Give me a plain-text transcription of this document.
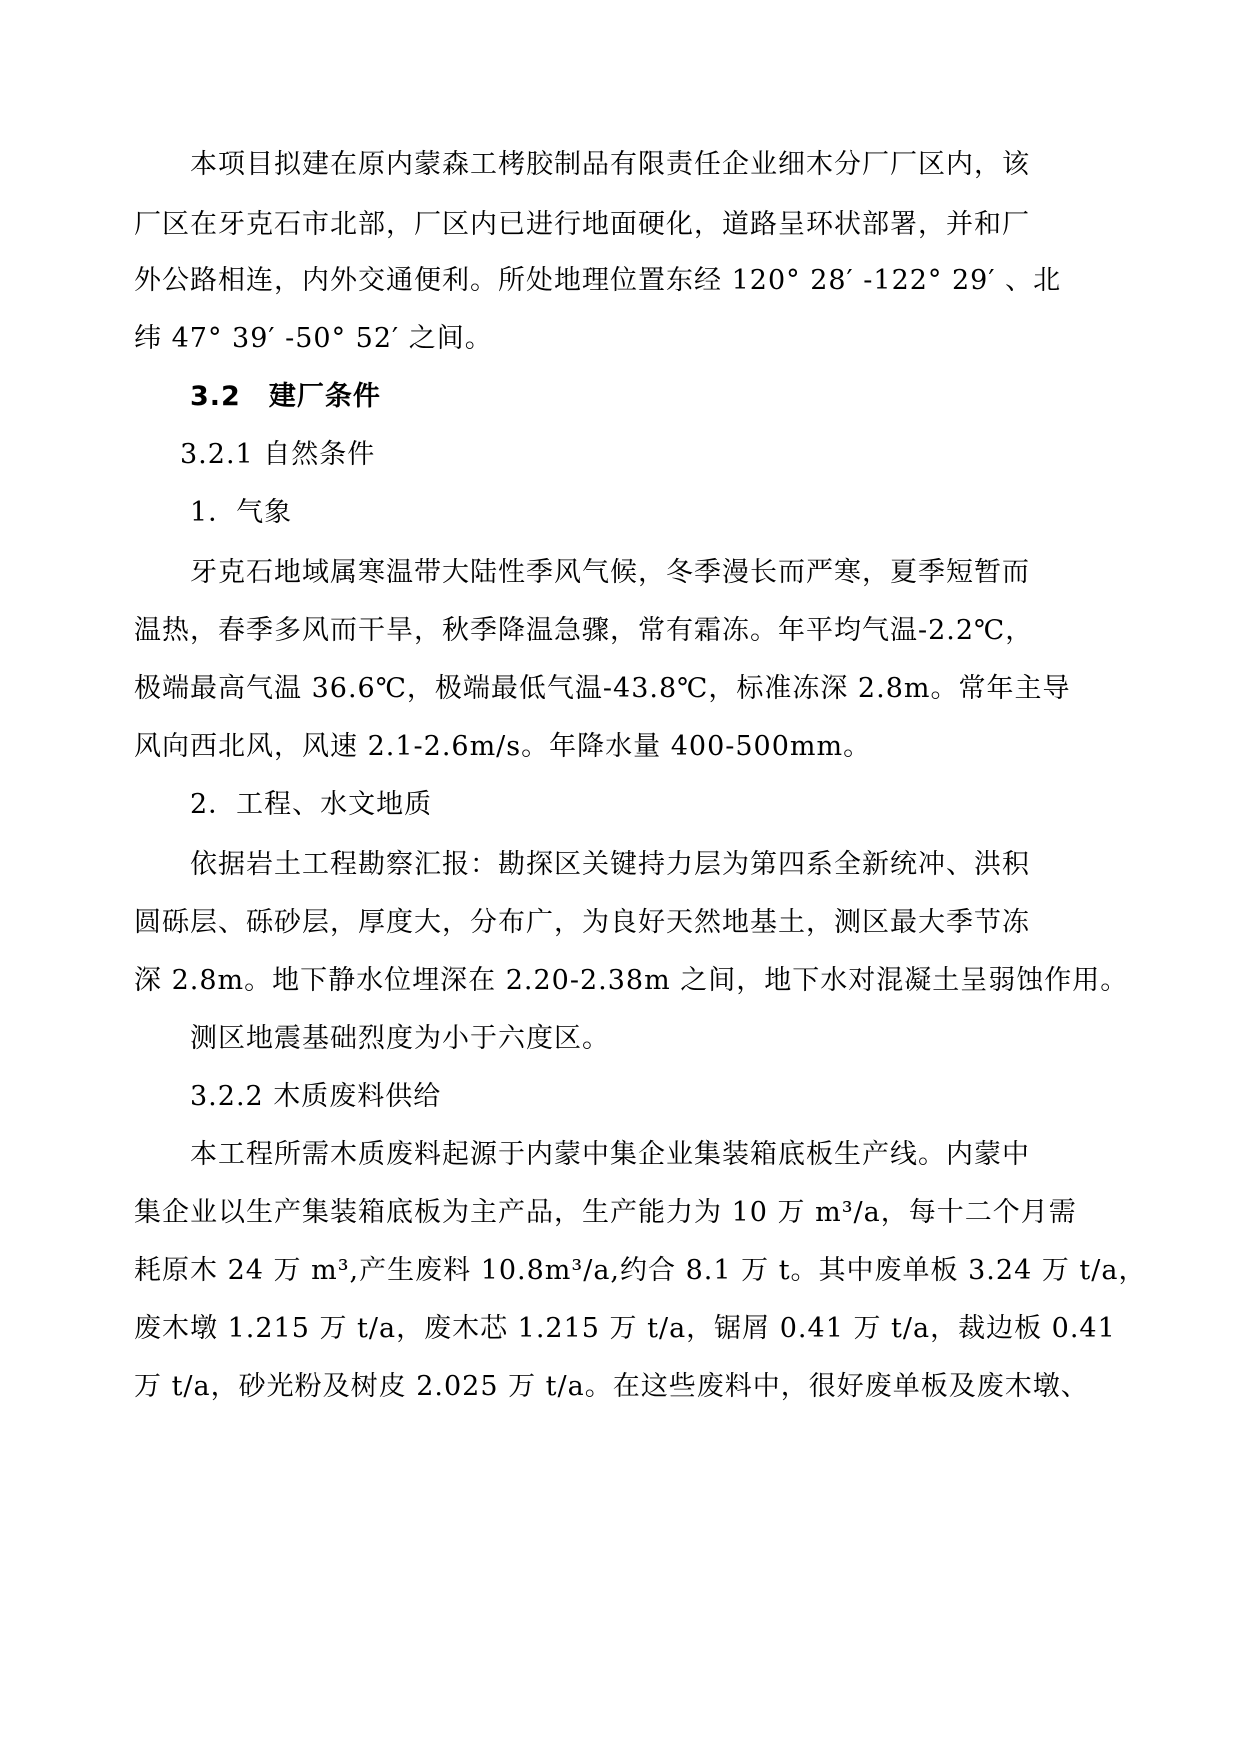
本项目拟建在原内蒙森工栲胶制品有限责任企业细木分厂厂区内，该
厂区在牙克石市北部，厂区内已进行地面硬化，道路呈环状部署，并和厂
外公路相连，内外交通便利。所处地理位置东经 120° 28′ -122° 29′ 、北
纬 47° 39′ -50° 52′ 之间。
3.2 建厂条件
3.2.1 自然条件
1．气象
牙克石地域属寒温带大陆性季风气候，冬季漫长而严寒，夏季短暂而
温热，春季多风而干旱，秋季降温急骤，常有霜冻。年平均气温-2.2℃，
极端最高气温 36.6℃，极端最低气温-43.8℃，标准冻深 2.8m。常年主导
风向西北风，风速 2.1-2.6m/s。年降水量 400-500mm。
2．工程、水文地质
依据岩土工程勘察汇报：勘探区关键持力层为第四系全新统冲、洪积
圆砾层、砾砂层，厚度大，分布广，为良好天然地基土，测区最大季节冻
深 2.8m。地下静水位埋深在 2.20-2.38m 之间，地下水对混凝土呈弱蚀作用。
测区地震基础烈度为小于六度区。
3.2.2 木质废料供给
本工程所需木质废料起源于内蒙中集企业集装箱底板生产线。内蒙中
集企业以生产集装箱底板为主产品，生产能力为 10 万 m³/a，每十二个月需
耗原木 24 万 m³,产生废料 10.8m³/a,约合 8.1 万 t。其中废单板 3.24 万 t/a，
废木墩 1.215 万 t/a，废木芯 1.215 万 t/a，锯屑 0.41 万 t/a，裁边板 0.41
万 t/a，砂光粉及树皮 2.025 万 t/a。在这些废料中，很好废单板及废木墩、
